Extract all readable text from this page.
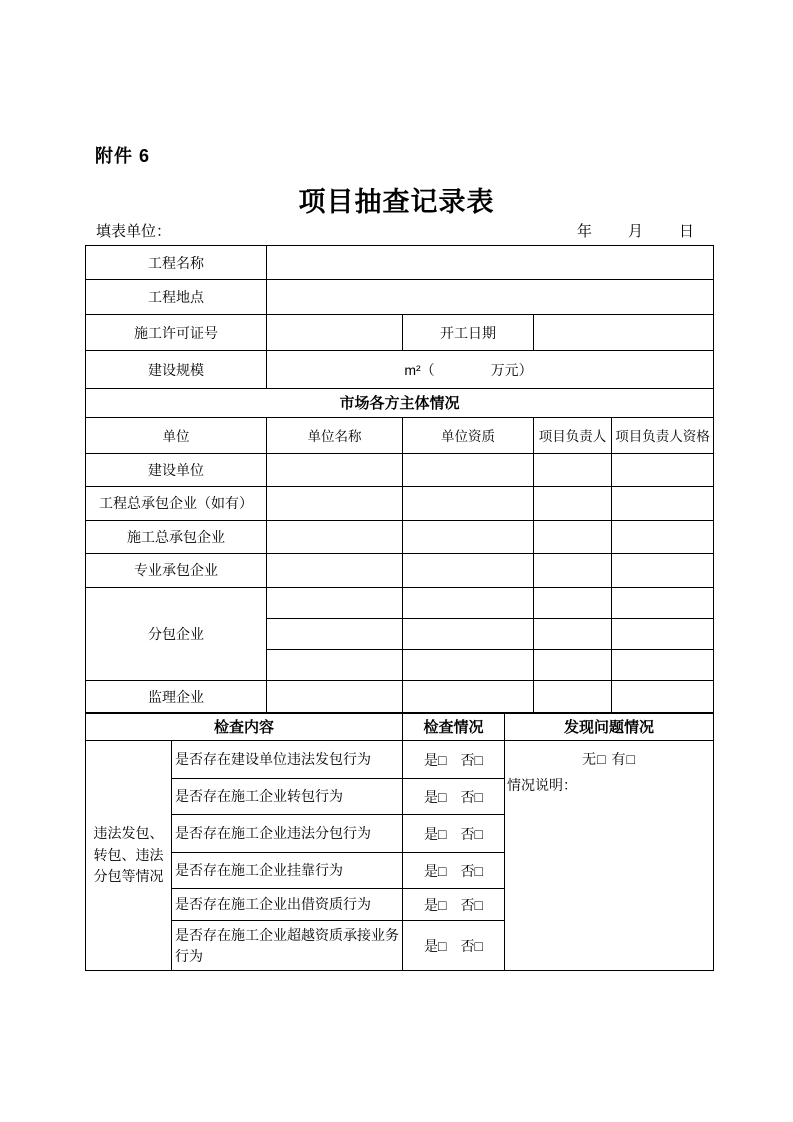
附件 6
项目抽查记录表
填表单位：	年　　月　　日
工程名称			
工程地点			
施工许可证号		开工日期	
建设规模	m²（　　　　万元）		
市场各方主体情况				
单位	单位名称	单位资质	项目负责人	项目负责人资格
建设单位				
工程总承包企业（如有）				
施工总承包企业				
专业承包企业				
分包企业				

监理企业				
检查内容		检查情况	发现问题情况
违法发包、转包、违法分包等情况	是否存在建设单位违法发包行为	是□　否□	无□ 有□
情况说明：

	是否存在施工企业转包行为	是□　否□	
	是否存在施工企业违法分包行为	是□　否□	
	是否存在施工企业挂靠行为	是□　否□	
	是否存在施工企业出借资质行为	是□　否□	
	是否存在施工企业超越资质承接业务行为	是□　否□	
